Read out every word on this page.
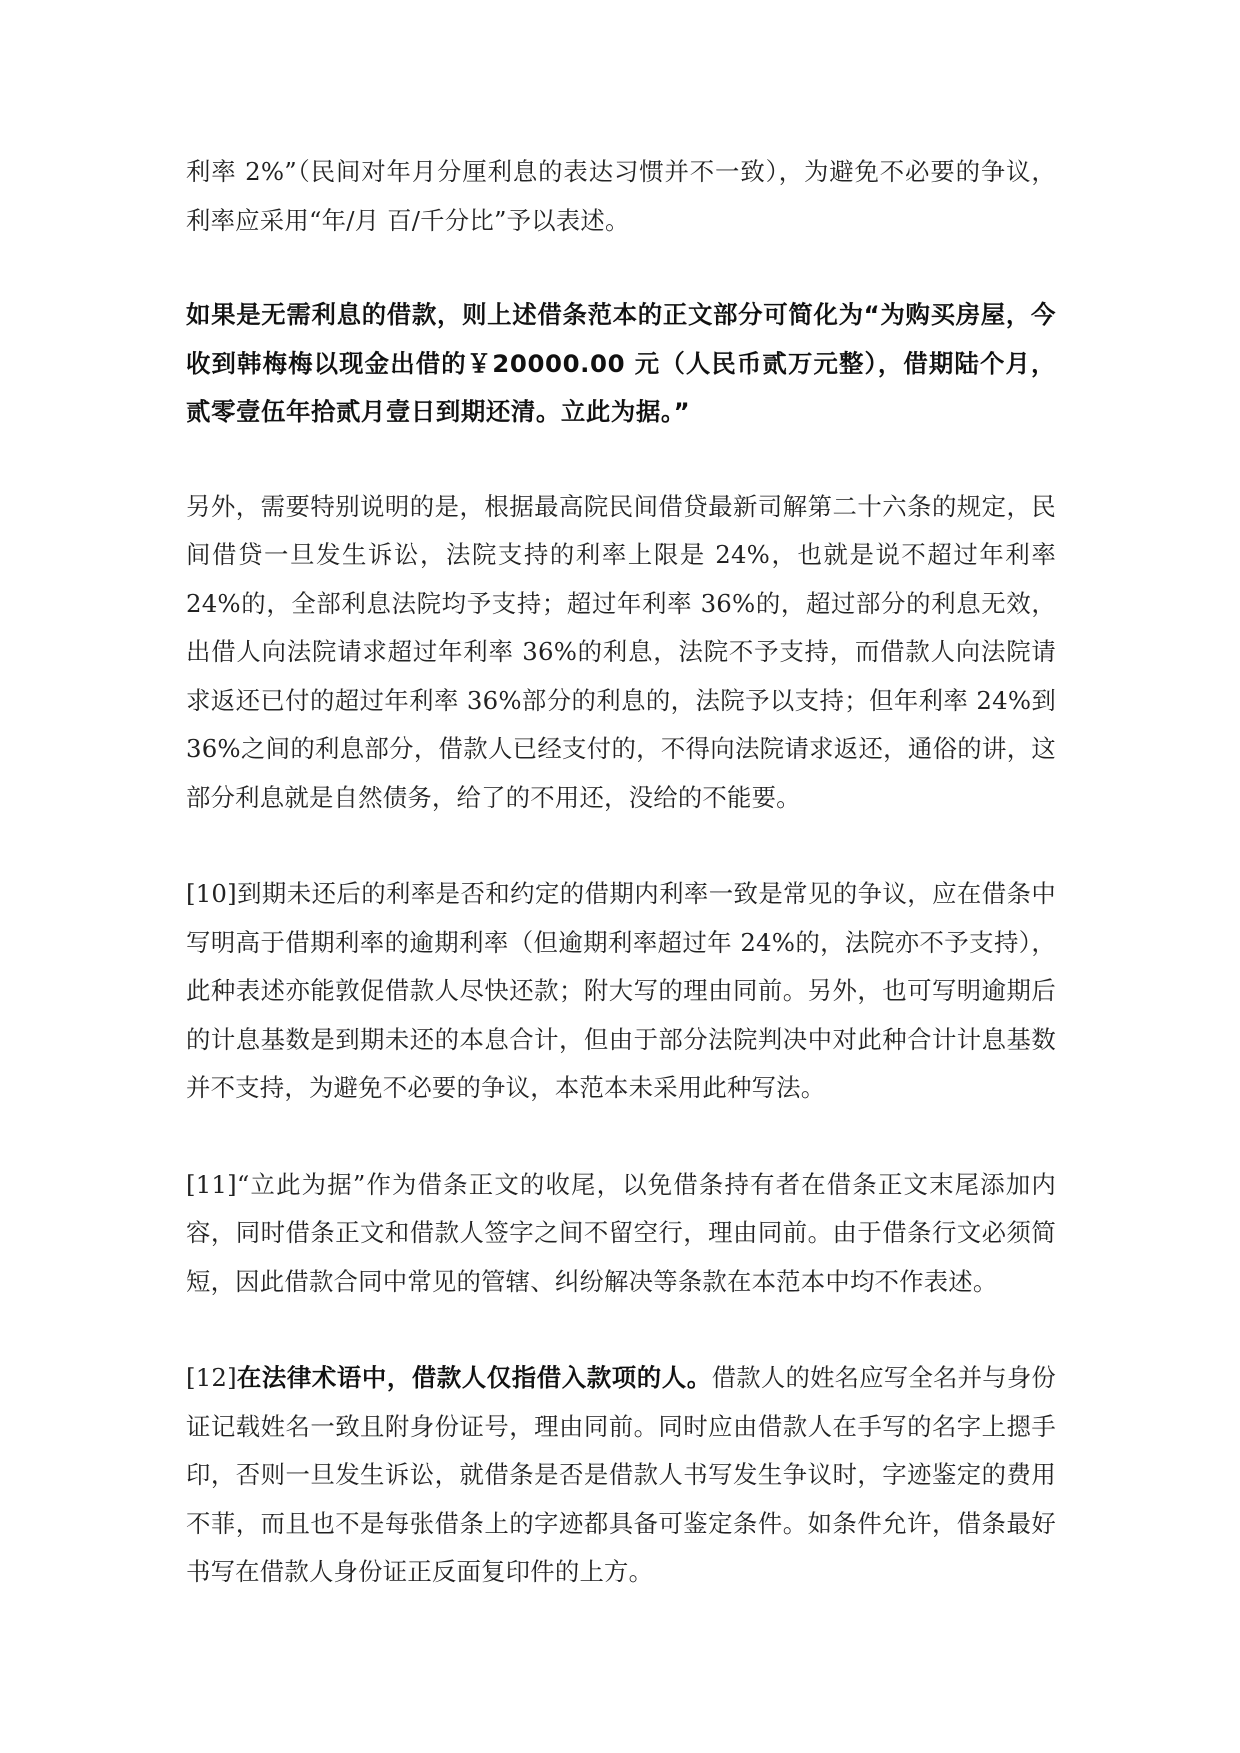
利率 2%”（民间对年月分厘利息的表达习惯并不一致），为避免不必要的争议，利率应采用“年/月 百/千分比”予以表述。

如果是无需利息的借款，则上述借条范本的正文部分可简化为“为购买房屋，今收到韩梅梅以现金出借的￥20000.00 元（人民币贰万元整），借期陆个月，贰零壹伍年拾贰月壹日到期还清。立此为据。”

另外，需要特别说明的是，根据最高院民间借贷最新司解第二十六条的规定，民间借贷一旦发生诉讼，法院支持的利率上限是 24%，也就是说不超过年利率 24%的，全部利息法院均予支持；超过年利率 36%的，超过部分的利息无效，出借人向法院请求超过年利率 36%的利息，法院不予支持，而借款人向法院请求返还已付的超过年利率 36%部分的利息的，法院予以支持；但年利率 24%到 36%之间的利息部分，借款人已经支付的，不得向法院请求返还，通俗的讲，这部分利息就是自然债务，给了的不用还，没给的不能要。

[10]到期未还后的利率是否和约定的借期内利率一致是常见的争议，应在借条中写明高于借期利率的逾期利率（但逾期利率超过年 24%的，法院亦不予支持），此种表述亦能敦促借款人尽快还款；附大写的理由同前。另外，也可写明逾期后的计息基数是到期未还的本息合计，但由于部分法院判决中对此种合计计息基数并不支持，为避免不必要的争议，本范本未采用此种写法。

[11]“立此为据”作为借条正文的收尾，以免借条持有者在借条正文末尾添加内容，同时借条正文和借款人签字之间不留空行，理由同前。由于借条行文必须简短，因此借款合同中常见的管辖、纠纷解决等条款在本范本中均不作表述。

[12]在法律术语中，借款人仅指借入款项的人。借款人的姓名应写全名并与身份证记载姓名一致且附身份证号，理由同前。同时应由借款人在手写的名字上摁手印，否则一旦发生诉讼，就借条是否是借款人书写发生争议时，字迹鉴定的费用不菲，而且也不是每张借条上的字迹都具备可鉴定条件。如条件允许，借条最好书写在借款人身份证正反面复印件的上方。
